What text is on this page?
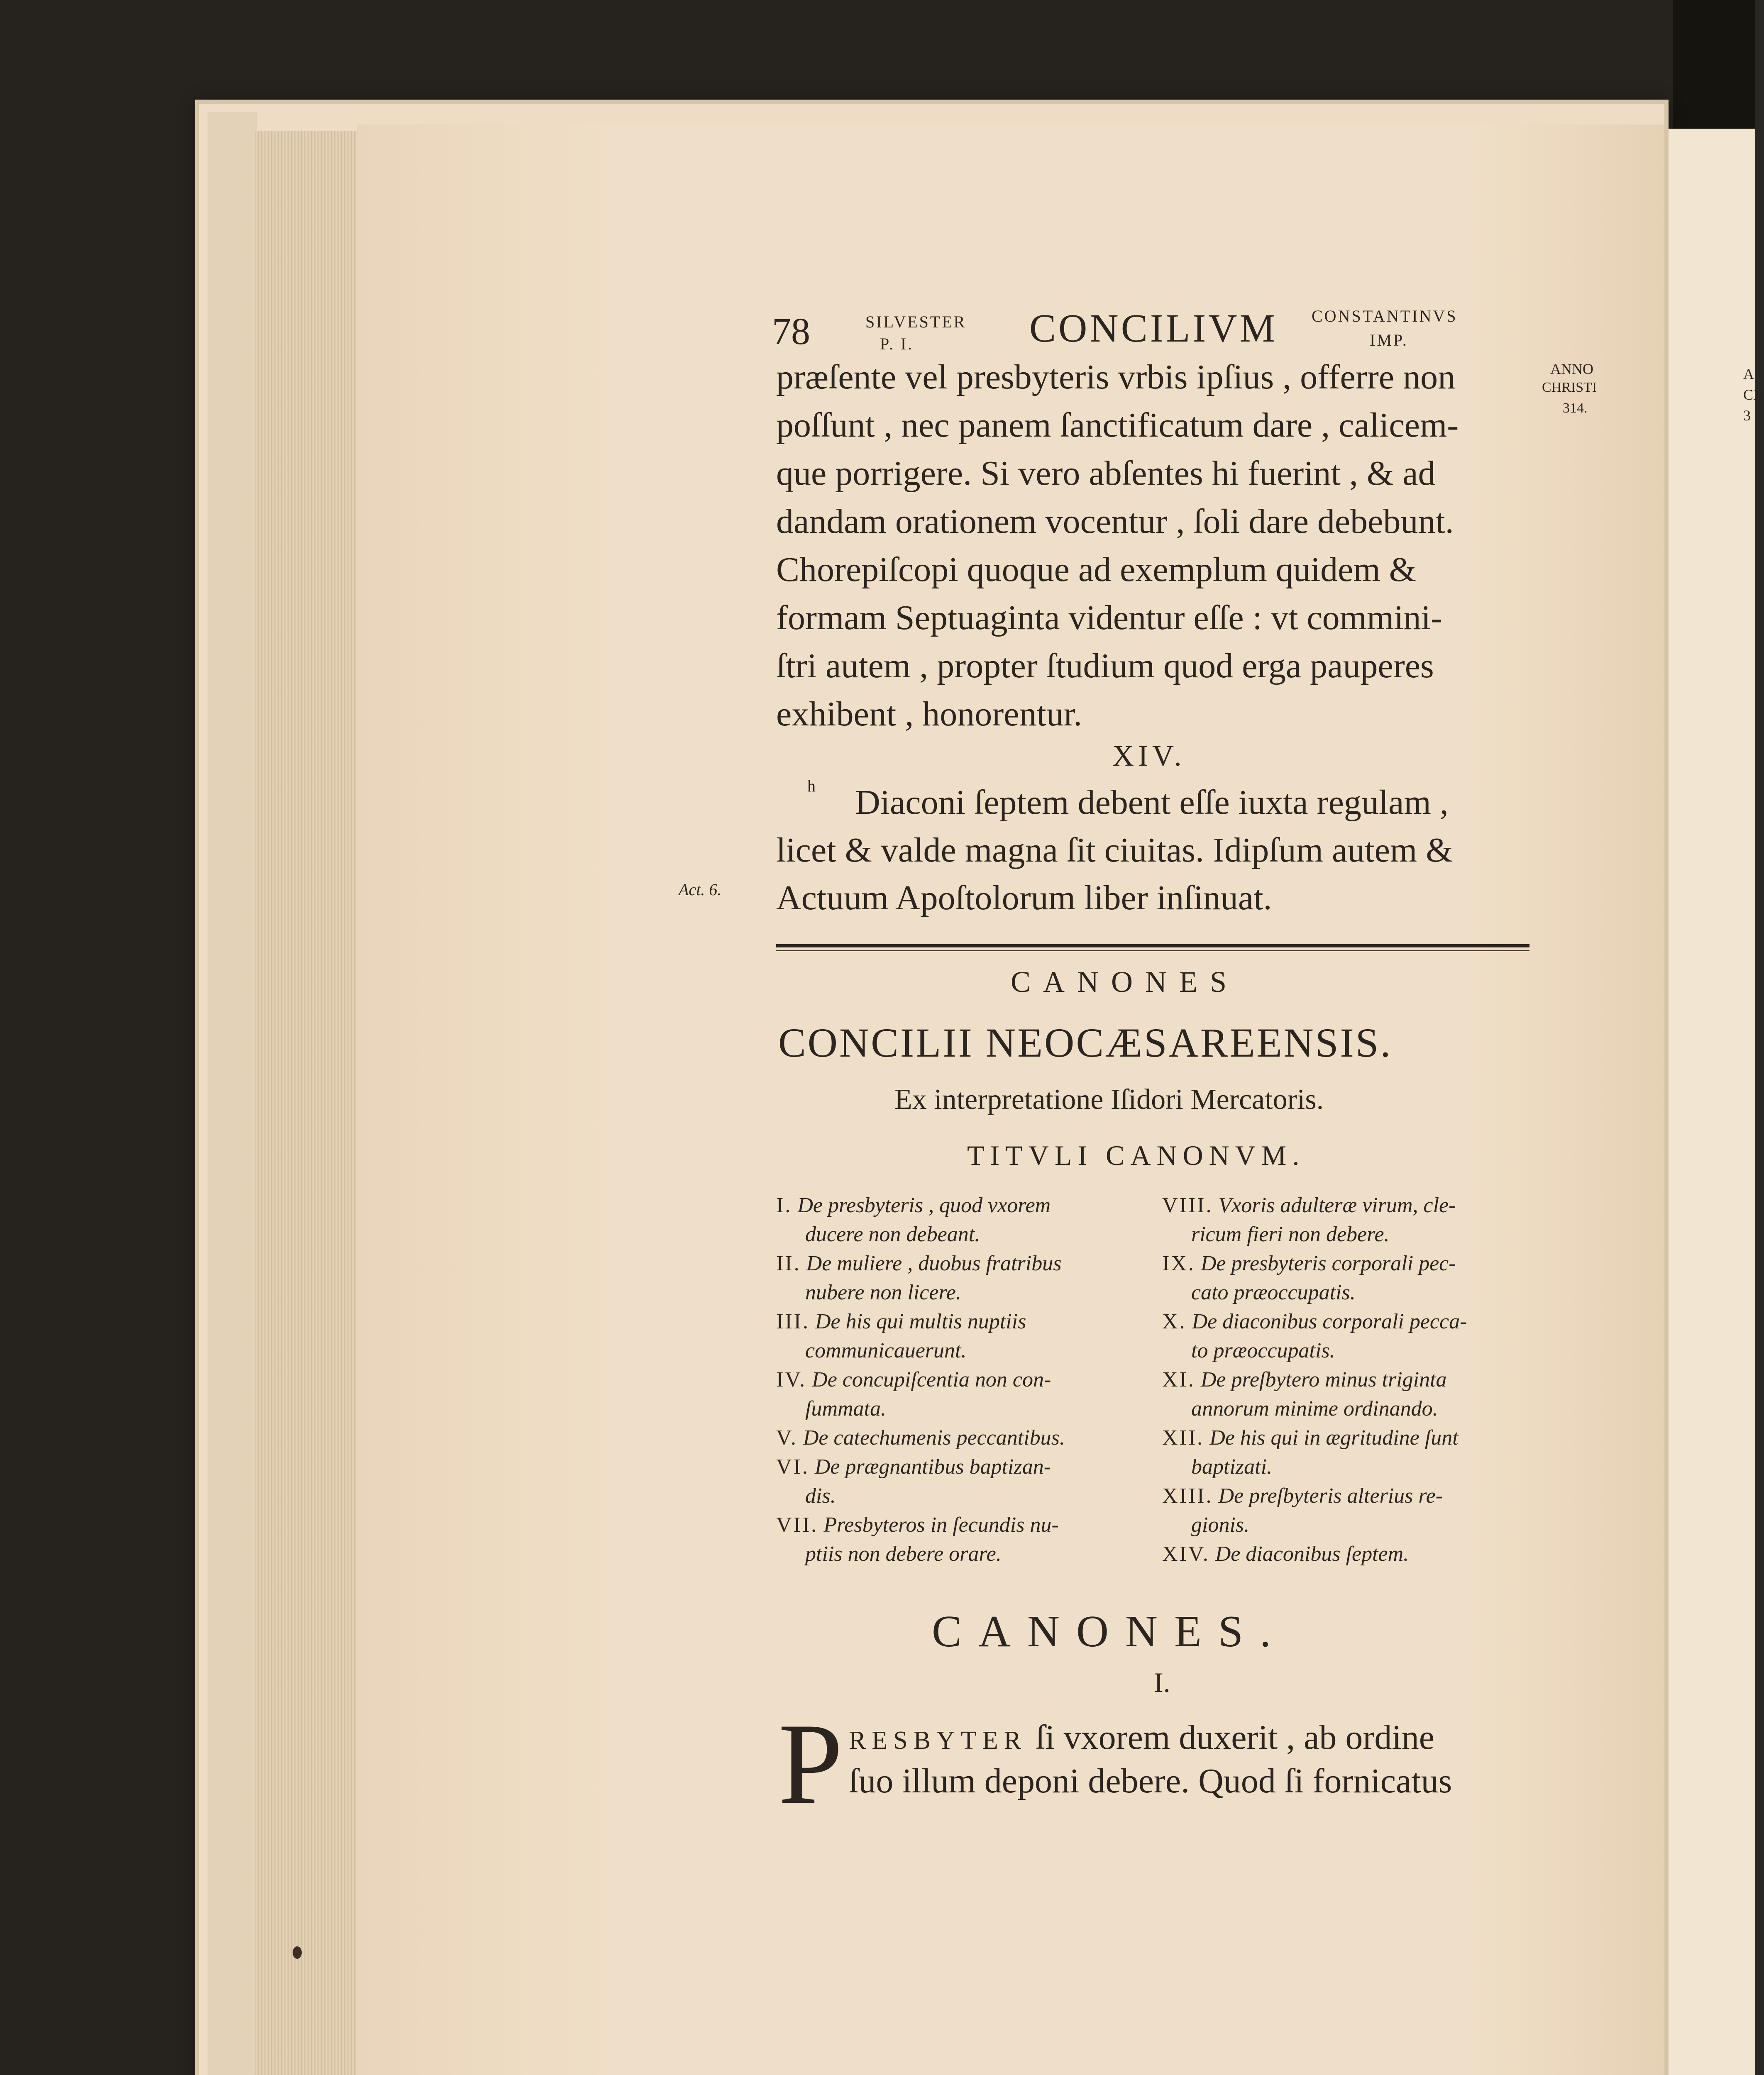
A
CH
3
78	SILVESTER
P. I.	CONCILIVM CONSTANTINVS
IMP.
ANNO
CHRISTI
314.
præſente vel presbyteris vrbis ipſius , offerre non
poſſunt , nec panem ſanctificatum dare , calicem-
que porrigere. Si vero abſentes hi fuerint , & ad
dandam orationem vocentur , ſoli dare debebunt.
Chorepiſcopi quoque ad exemplum quidem &
formam Septuaginta videntur eſſe : vt commini-
ſtri autem , propter ſtudium quod erga pauperes
exhibent , honorentur.
XIV.
h Diaconi ſeptem debent eſſe iuxta regulam ,
licet & valde magna ſit ciuitas. Idipſum autem &
Actuum Apoſtolorum liber inſinuat.
Act. 6.
CANONES
CONCILII NEOCÆSAREENSIS.
Ex interpretatione Iſidori Mercatoris.
TITVLI CANONVM.
I. De presbyteris , quod vxorem
ducere non debeant.
II. De muliere , duobus fratribus
nubere non licere.
III. De his qui multis nuptiis
communicauerunt.
IV. De concupiſcentia non con-
ſummata.
V. De catechumenis peccantibus.
VI. De prægnantibus baptizan-
dis.
VII. Presbyteros in ſecundis nu-
ptiis non debere orare.
VIII. Vxoris adulteræ virum, cle-
ricum fieri non debere.
IX. De presbyteris corporali pec-
cato præoccupatis.
X. De diaconibus corporali pecca-
to præoccupatis.
XI. De preſbytero minus triginta
annorum minime ordinando.
XII. De his qui in ægritudine ſunt
baptizati.
XIII. De preſbyteris alterius re-
gionis.
XIV. De diaconibus ſeptem.
CANONES.
I.
P RESBYTER ſi vxorem duxerit , ab ordine
ſuo illum deponi debere. Quod ſi fornicatus
